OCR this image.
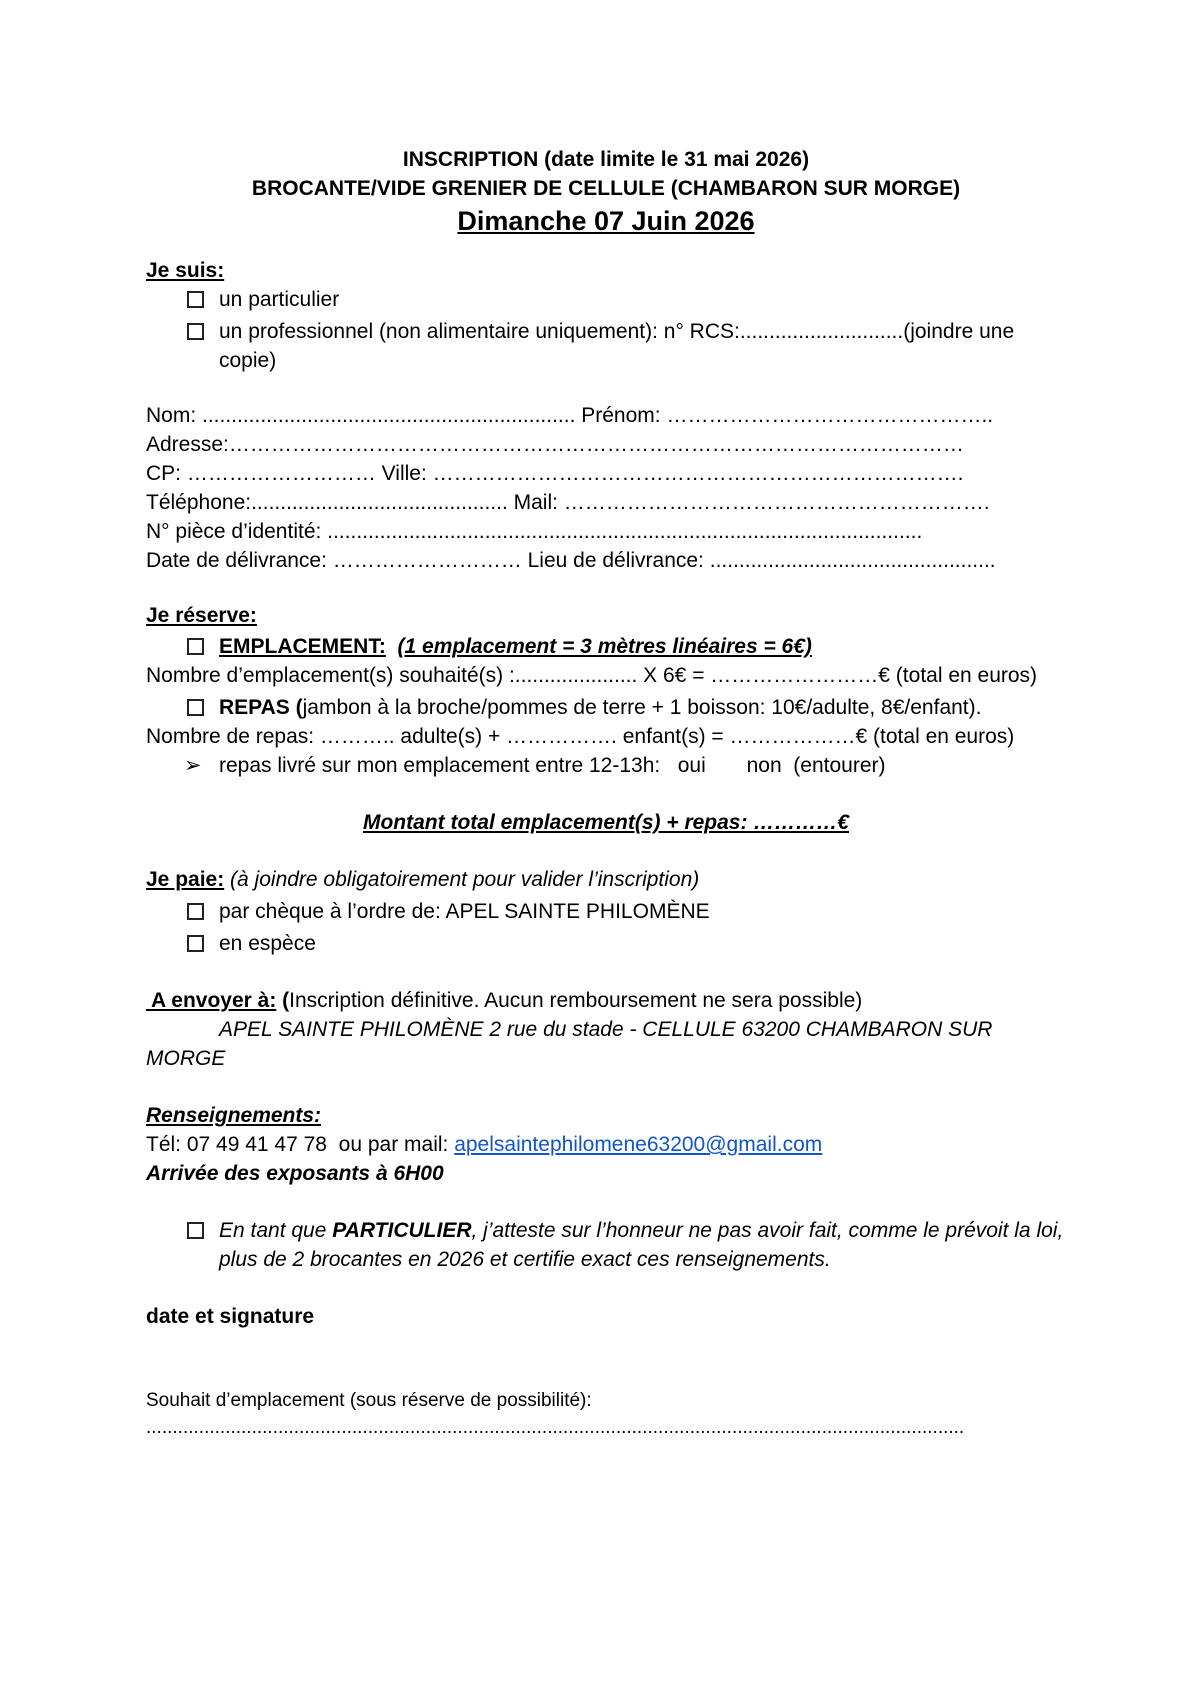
INSCRIPTION (date limite le 31 mai 2026)
BROCANTE/VIDE GRENIER DE CELLULE (CHAMBARON SUR MORGE)
Dimanche 07 Juin 2026
Je suis:
un particulier
un professionnel (non alimentaire uniquement): n° RCS:............................(joindre une copie)
Nom: ................................................................ Prénom: ………………………………………..
Adresse:……………………………………………………………………………………………
CP: ……………………… Ville: ………………………………………………………………….
Téléphone:............................................ Mail: …………………………………………………….
N° pièce d’identité: ......................................................................................................
Date de délivrance: ……………………… Lieu de délivrance: .................................................
Je réserve:
EMPLACEMENT: (1 emplacement = 3 mètres linéaires = 6€)
Nombre d’emplacement(s) souhaité(s) :..................... X 6€ = ……………………€ (total en euros)
REPAS (jambon à la broche/pommes de terre + 1 boisson: 10€/adulte, 8€/enfant).
Nombre de repas: ……….. adulte(s) + ……………. enfant(s) = ………………€ (total en euros)
➢ repas livré sur mon emplacement entre 12-13h:   oui       non  (entourer)
Montant total emplacement(s) + repas: …………€
Je paie: (à joindre obligatoirement pour valider l’inscription)
par chèque à l’ordre de: APEL SAINTE PHILOMÈNE
en espèce
A envoyer à: (Inscription définitive. Aucun remboursement ne sera possible)
APEL SAINTE PHILOMÈNE 2 rue du stade - CELLULE 63200 CHAMBARON SUR MORGE
Renseignements:
Tél: 07 49 41 47 78  ou par mail: apelsaintephilomene63200@gmail.com
Arrivée des exposants à 6H00
En tant que PARTICULIER, j’atteste sur l’honneur ne pas avoir fait, comme le prévoit la loi, plus de 2 brocantes en 2026 et certifie exact ces renseignements.
date et signature
Souhait d’emplacement (sous réserve de possibilité):
...........................................................................................................................................................
